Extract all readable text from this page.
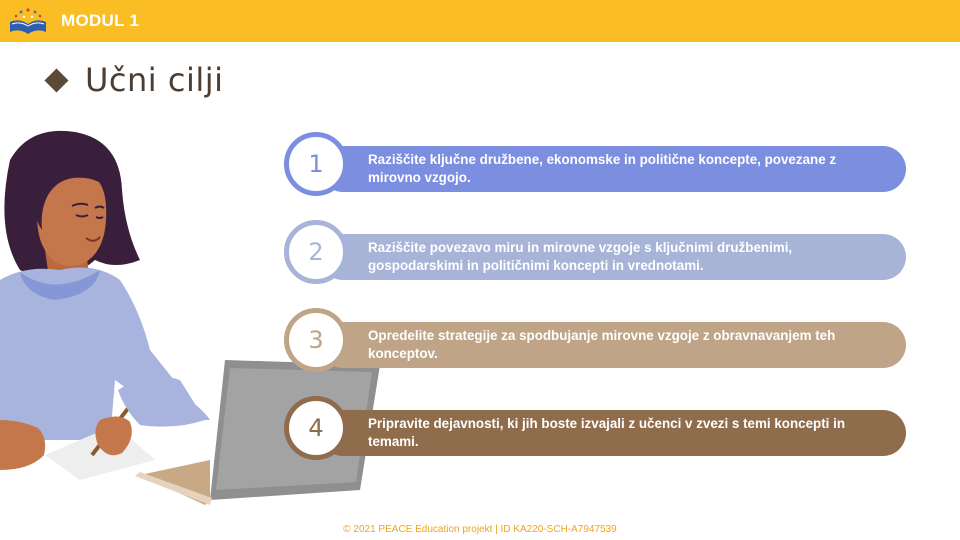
MODUL 1
Učni cilji
1	Raziščite ključne družbene, ekonomske in politične koncepte, povezane z mirovno vzgojo.
2	Raziščite povezavo miru in mirovne vzgoje s ključnimi družbenimi, gospodarskimi in političnimi koncepti in vrednotami.
3	Opredelite strategije za spodbujanje mirovne vzgoje z obravnavanjem teh konceptov.
4	Pripravite dejavnosti, ki jih boste izvajali z učenci v zvezi s temi koncepti in temami.
© 2021 PEACE Education projekt | ID KA220-SCH-A7947539
